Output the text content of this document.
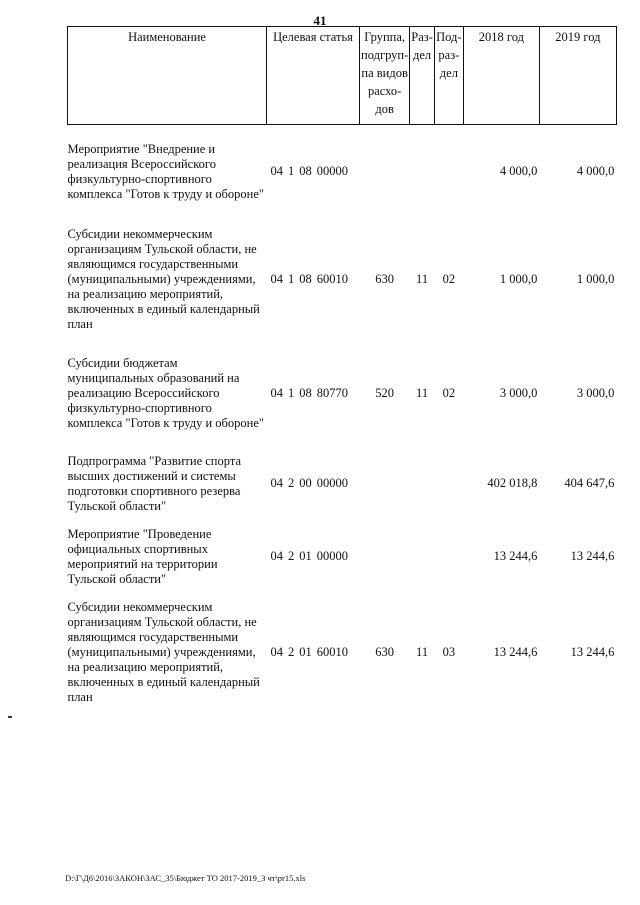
41
Наименование	Целевая статья	Группа, подгруп-па видов расхо-дов	Раз-дел	Под-раз-дел	2018 год	2019 год
Мероприятие "Внедрение и реализация Всероссийского физкультурно-спортивного комплекса "Готов к труду и обороне"	04 1 08 00000				4 000,0	4 000,0
Субсидии некоммерческим организациям Тульской области, не являющимся государственными (муниципальными) учреждениями, на реализацию мероприятий, включенных в единый календарный план	04 1 08 60010	630	11	02	1 000,0	1 000,0
Субсидии бюджетам муниципальных образований на реализацию Всероссийского физкультурно-спортивного комплекса "Готов к труду и обороне"	04 1 08 80770	520	11	02	3 000,0	3 000,0
Подпрограмма "Развитие спорта высших достижений и системы подготовки спортивного резерва Тульской области"	04 2 00 00000				402 018,8	404 647,6
Мероприятие "Проведение официальных спортивных мероприятий на территории Тульской области"	04 2 01 00000				13 244,6	13 244,6
Субсидии некоммерческим организациям Тульской области, не являющимся государственными (муниципальными) учреждениями, на реализацию мероприятий, включенных в единый календарный план	04 2 01 60010	630	11	03	13 244,6	13 244,6
D:\Г\Д6\2016\ЗАКОН\ЗАС_35\Бюджет ТО 2017-2019_3 чт\pr15.xls
